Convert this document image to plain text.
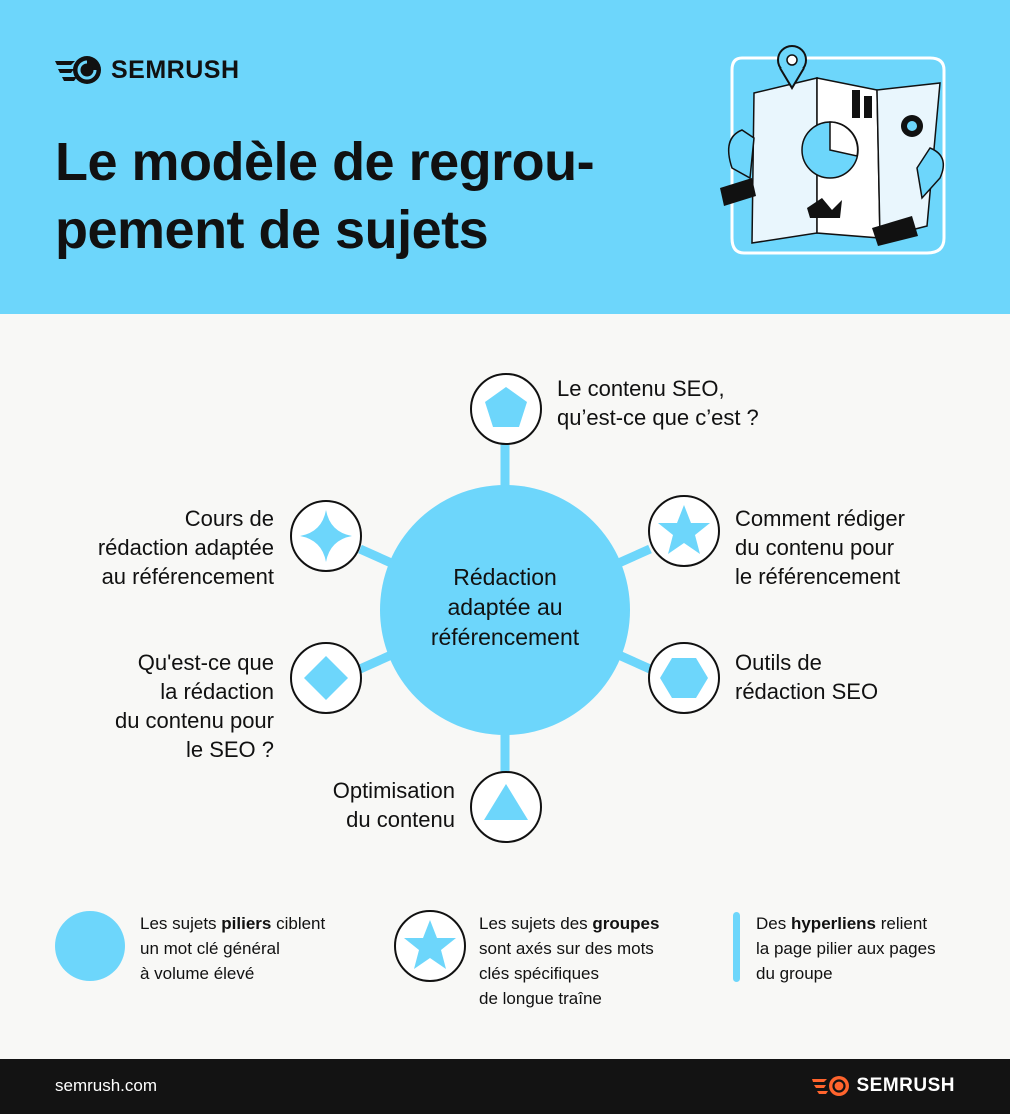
SEMRUSH
Le modèle de regrou-
pement de sujets
Rédaction
adaptée au
référencement
Le contenu SEO,
qu’est-ce que c’est ?
Comment rédiger
du contenu pour
le référencement
Outils de
rédaction SEO
Optimisation
du contenu
Qu'est-ce que
la rédaction
du contenu pour
le SEO ?
Cours de
rédaction adaptée
au référencement
Les sujets piliers ciblent
un mot clé général
à volume élevé
Les sujets des groupes
sont axés sur des mots
clés spécifiques
de longue traîne
Des hyperliens relient
la page pilier aux pages
du groupe
semrush.com	SEMRUSH
